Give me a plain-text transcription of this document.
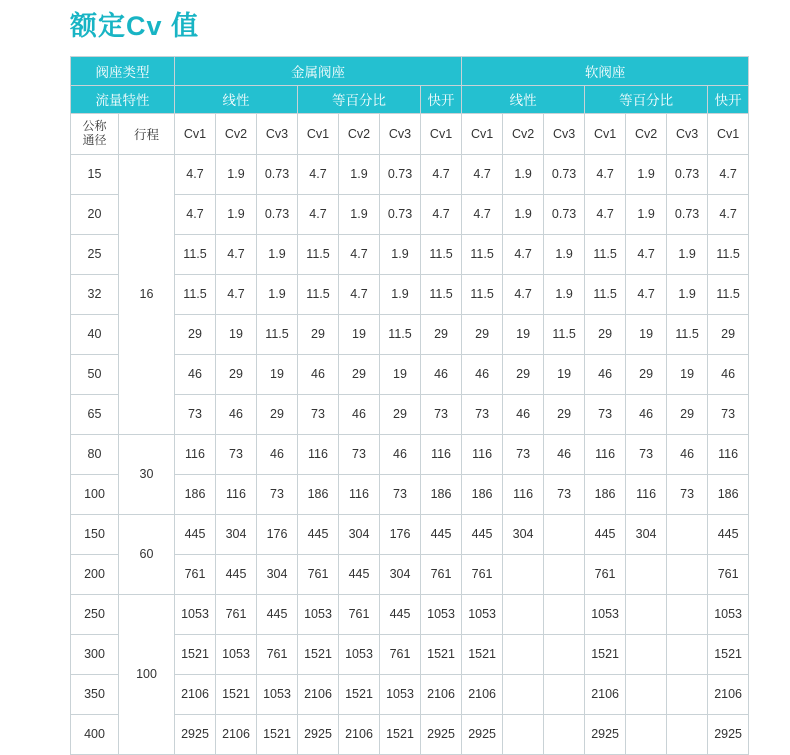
额定Cv 值
阀座类型		金属阀座							软阀座						
流量特性		线性			等百分比			快开	线性			等百分比			快开

公称
通径	行程	Cv1	Cv2	Cv3	Cv1	Cv2	Cv3	Cv1	Cv1	Cv2	Cv3	Cv1	Cv2	Cv3	Cv1
15	16	4.7	1.9	0.73	4.7	1.9	0.73	4.7	4.7	1.9	0.73	4.7	1.9	0.73	4.7
20		4.7	1.9	0.73	4.7	1.9	0.73	4.7	4.7	1.9	0.73	4.7	1.9	0.73	4.7
25		11.5	4.7	1.9	11.5	4.7	1.9	11.5	11.5	4.7	1.9	11.5	4.7	1.9	11.5
32		11.5	4.7	1.9	11.5	4.7	1.9	11.5	11.5	4.7	1.9	11.5	4.7	1.9	11.5
40		29	19	11.5	29	19	11.5	29	29	19	11.5	29	19	11.5	29
50		46	29	19	46	29	19	46	46	29	19	46	29	19	46
65		73	46	29	73	46	29	73	73	46	29	73	46	29	73
80	30	116	73	46	116	73	46	116	116	73	46	116	73	46	116
100		186	116	73	186	116	73	186	186	116	73	186	116	73	186
150	60	445	304	176	445	304	176	445	445	304		445	304		445
200		761	445	304	761	445	304	761	761			761			761
250	100	1053	761	445	1053	761	445	1053	1053			1053			1053
300		1521	1053	761	1521	1053	761	1521	1521			1521			1521
350		2106	1521	1053	2106	1521	1053	2106	2106			2106			2106
400		2925	2106	1521	2925	2106	1521	2925	2925			2925			2925
